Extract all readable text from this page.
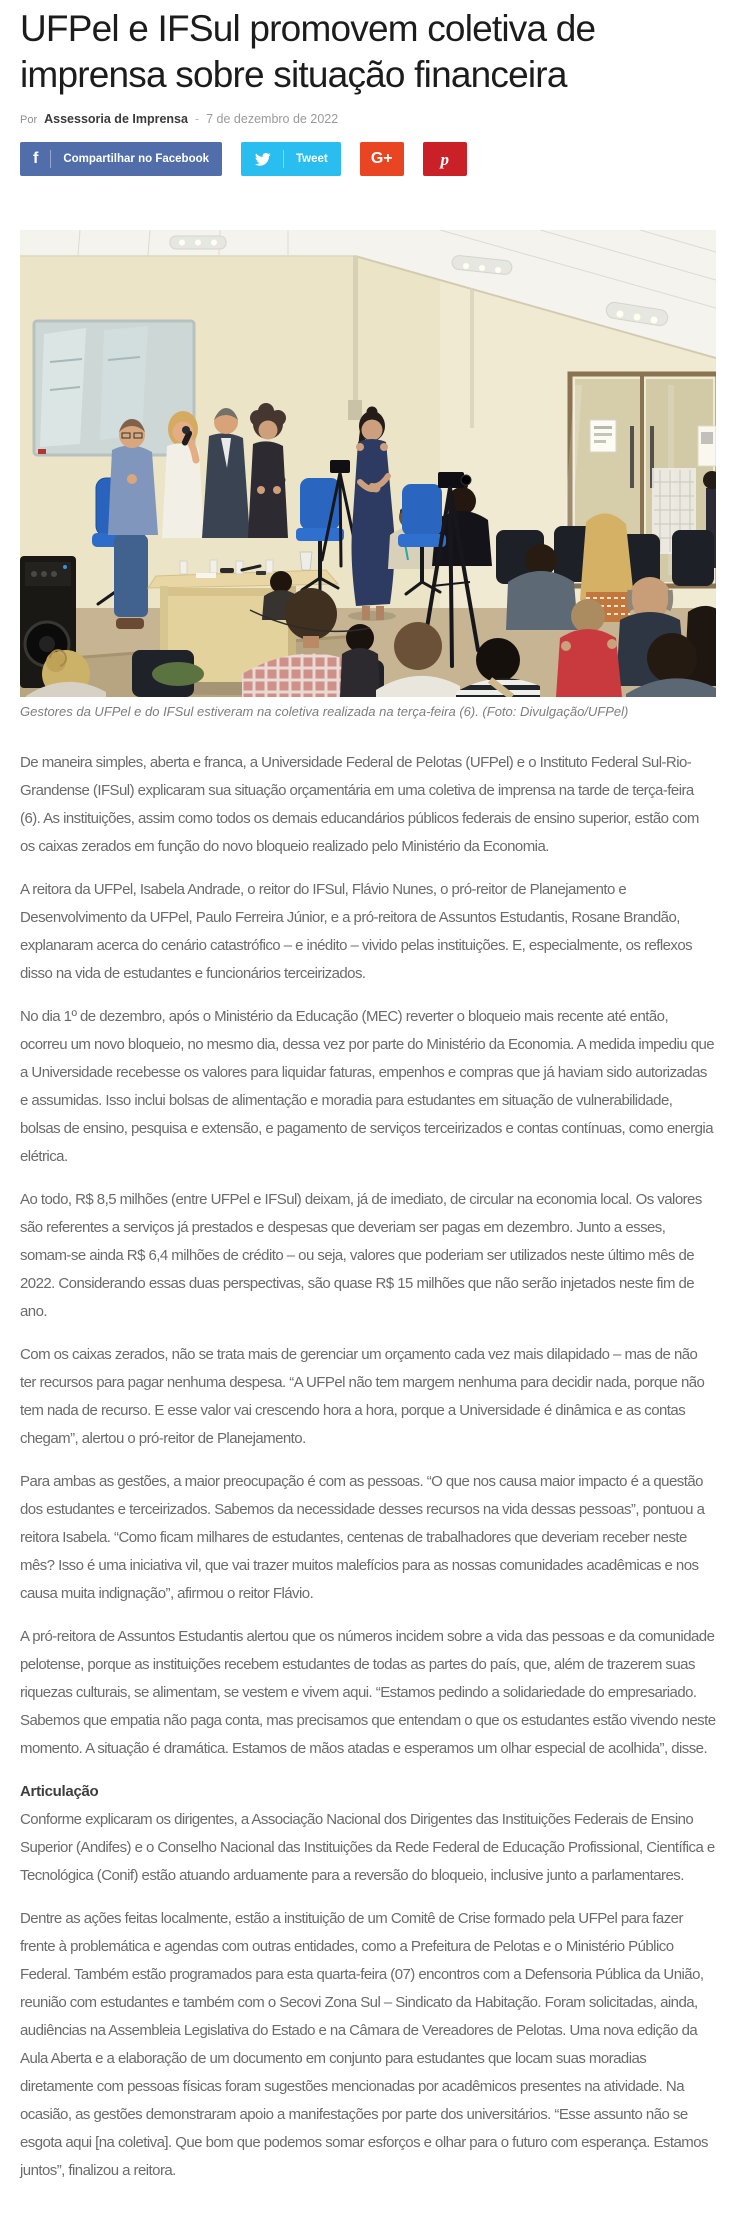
UFPel e IFSul promovem coletiva de imprensa sobre situação financeira
Por Assessoria de Imprensa - 7 de dezembro de 2022
f Compartilhar no Facebook	Tweet	G+	p
Gestores da UFPel e do IFSul estiveram na coletiva realizada na terça-feira (6). (Foto: Divulgação/UFPel)

De maneira simples, aberta e franca, a Universidade Federal de Pelotas (UFPel) e o Instituto Federal Sul-Rio-Grandense (IFSul) explicaram sua situação orçamentária em uma coletiva de imprensa na tarde de terça-feira (6). As instituições, assim como todos os demais educandários públicos federais de ensino superior, estão com os caixas zerados em função do novo bloqueio realizado pelo Ministério da Economia.

A reitora da UFPel, Isabela Andrade, o reitor do IFSul, Flávio Nunes, o pró-reitor de Planejamento e Desenvolvimento da UFPel, Paulo Ferreira Júnior, e a pró-reitora de Assuntos Estudantis, Rosane Brandão, explanaram acerca do cenário catastrófico – e inédito – vivido pelas instituições. E, especialmente, os reflexos disso na vida de estudantes e funcionários terceirizados.

No dia 1º de dezembro, após o Ministério da Educação (MEC) reverter o bloqueio mais recente até então, ocorreu um novo bloqueio, no mesmo dia, dessa vez por parte do Ministério da Economia. A medida impediu que a Universidade recebesse os valores para liquidar faturas, empenhos e compras que já haviam sido autorizadas e assumidas. Isso inclui bolsas de alimentação e moradia para estudantes em situação de vulnerabilidade, bolsas de ensino, pesquisa e extensão, e pagamento de serviços terceirizados e contas contínuas, como energia elétrica.

Ao todo, R$ 8,5 milhões (entre UFPel e IFSul) deixam, já de imediato, de circular na economia local. Os valores são referentes a serviços já prestados e despesas que deveriam ser pagas em dezembro. Junto a esses, somam-se ainda R$ 6,4 milhões de crédito – ou seja, valores que poderiam ser utilizados neste último mês de 2022. Considerando essas duas perspectivas, são quase R$ 15 milhões que não serão injetados neste fim de ano.

Com os caixas zerados, não se trata mais de gerenciar um orçamento cada vez mais dilapidado – mas de não ter recursos para pagar nenhuma despesa. “A UFPel não tem margem nenhuma para decidir nada, porque não tem nada de recurso. E esse valor vai crescendo hora a hora, porque a Universidade é dinâmica e as contas chegam”, alertou o pró-reitor de Planejamento.

Para ambas as gestões, a maior preocupação é com as pessoas. “O que nos causa maior impacto é a questão dos estudantes e terceirizados. Sabemos da necessidade desses recursos na vida dessas pessoas”, pontuou a reitora Isabela. “Como ficam milhares de estudantes, centenas de trabalhadores que deveriam receber neste mês? Isso é uma iniciativa vil, que vai trazer muitos malefícios para as nossas comunidades acadêmicas e nos causa muita indignação”, afirmou o reitor Flávio.

A pró-reitora de Assuntos Estudantis alertou que os números incidem sobre a vida das pessoas e da comunidade pelotense, porque as instituições recebem estudantes de todas as partes do país, que, além de trazerem suas riquezas culturais, se alimentam, se vestem e vivem aqui. “Estamos pedindo a solidariedade do empresariado. Sabemos que empatia não paga conta, mas precisamos que entendam o que os estudantes estão vivendo neste momento. A situação é dramática. Estamos de mãos atadas e esperamos um olhar especial de acolhida”, disse.

Articulação

Conforme explicaram os dirigentes, a Associação Nacional dos Dirigentes das Instituições Federais de Ensino Superior (Andifes) e o Conselho Nacional das Instituições da Rede Federal de Educação Profissional, Científica e Tecnológica (Conif) estão atuando arduamente para a reversão do bloqueio, inclusive junto a parlamentares.

Dentre as ações feitas localmente, estão a instituição de um Comitê de Crise formado pela UFPel para fazer frente à problemática e agendas com outras entidades, como a Prefeitura de Pelotas e o Ministério Público Federal. Também estão programados para esta quarta-feira (07) encontros com a Defensoria Pública da União, reunião com estudantes e também com o Secovi Zona Sul – Sindicato da Habitação. Foram solicitadas, ainda, audiências na Assembleia Legislativa do Estado e na Câmara de Vereadores de Pelotas. Uma nova edição da Aula Aberta e a elaboração de um documento em conjunto para estudantes que locam suas moradias diretamente com pessoas físicas foram sugestões mencionadas por acadêmicos presentes na atividade. Na ocasião, as gestões demonstraram apoio a manifestações por parte dos universitários. “Esse assunto não se esgota aqui [na coletiva]. Que bom que podemos somar esforços e olhar para o futuro com esperança. Estamos juntos”, finalizou a reitora.
